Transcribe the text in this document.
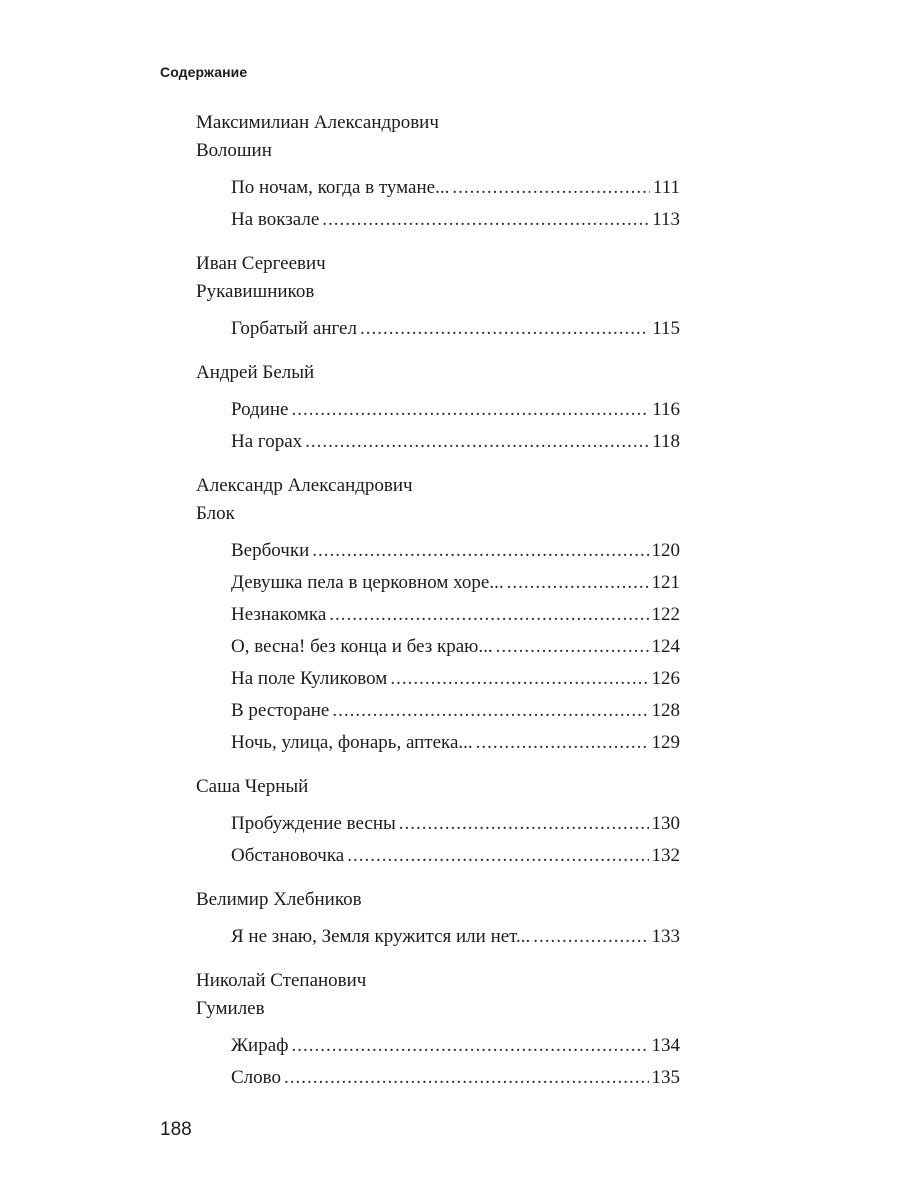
Содержание
Максимилиан Александрович
Волошин
По ночам, когда в тумане... .....	111
На вокзале .....	113
Иван Сергеевич
Рукавишников
Горбатый ангел .....	115
Андрей Белый
Родине .....	116
На горах .....	118
Александр Александрович
Блок
Вербочки .....	120
Девушка пела в церковном хоре... .....	121
Незнакомка .....	122
О, весна! без конца и без краю... .....	124
На поле Куликовом .....	126
В ресторане .....	128
Ночь, улица, фонарь, аптека... .....	129
Саша Черный
Пробуждение весны .....	130
Обстановочка .....	132
Велимир Хлебников
Я не знаю, Земля кружится или нет... .....	133
Николай Степанович
Гумилев
Жираф .....	134
Слово .....	135
188
